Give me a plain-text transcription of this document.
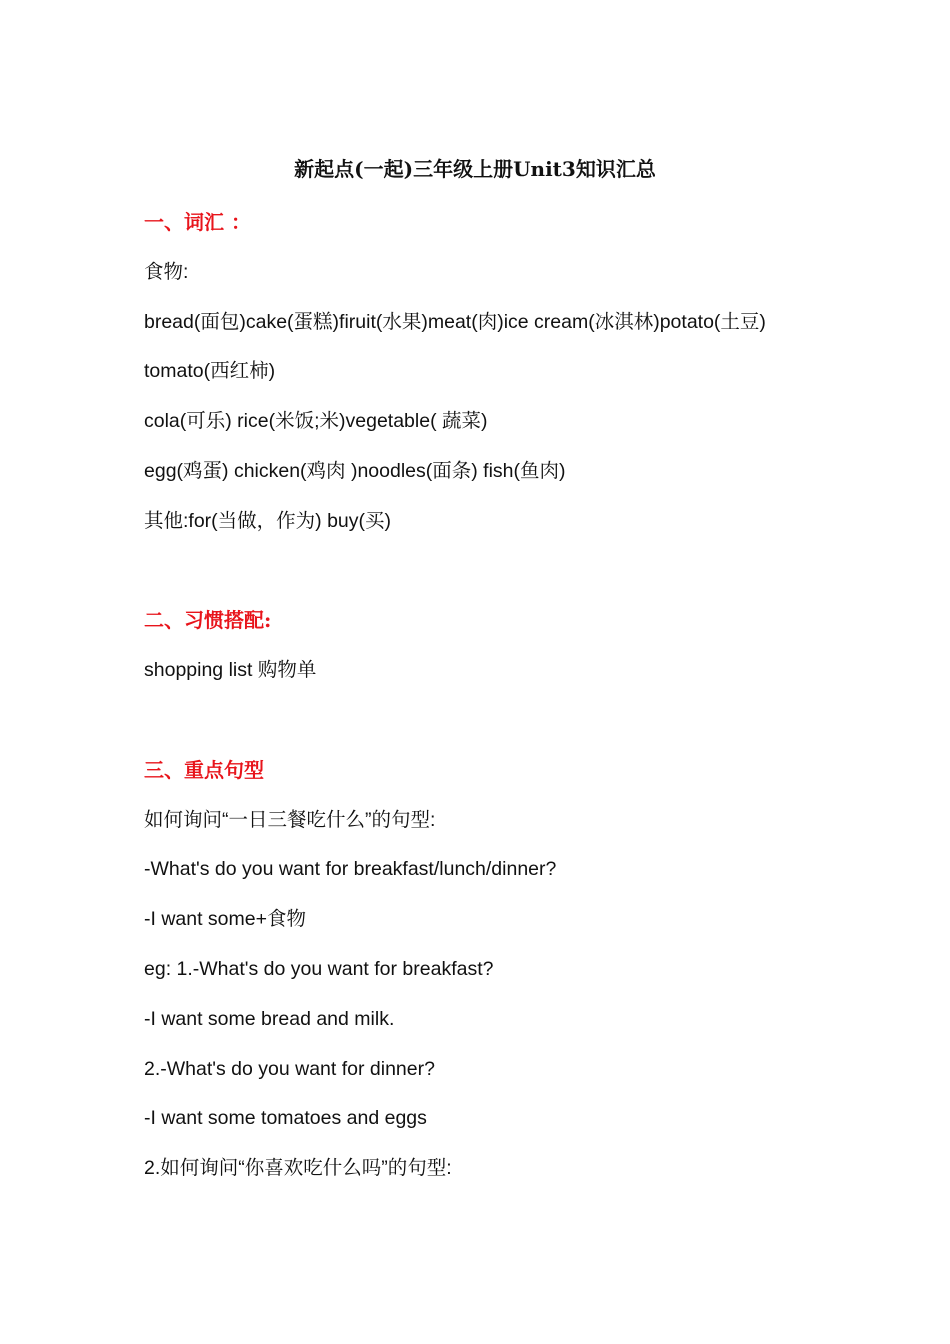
新起点(一起)三年级上册Unit3知识汇总
一、词汇 ：
食物:
bread(面包)cake(蛋糕)firuit(水果)meat(肉)ice cream(冰淇林)potato(土豆) tomato(西红柿)
cola(可乐) rice(米饭;米)vegetable( 蔬菜)
egg(鸡蛋) chicken(鸡肉 )noodles(面条) fish(鱼肉)
其他:for(当做，作为) buy(买)
二、习惯搭配:
shopping list 购物单
三、重点句型
如何询问“一日三餐吃什么”的句型:
-What's do you want for breakfast/lunch/dinner?
-I want some+食物
eg: 1.-What's do you want for breakfast?
-I want some bread and milk.
2.-What's do you want for dinner?
-I want some tomatoes and eggs
2.如何询问“你喜欢吃什么吗”的句型:
